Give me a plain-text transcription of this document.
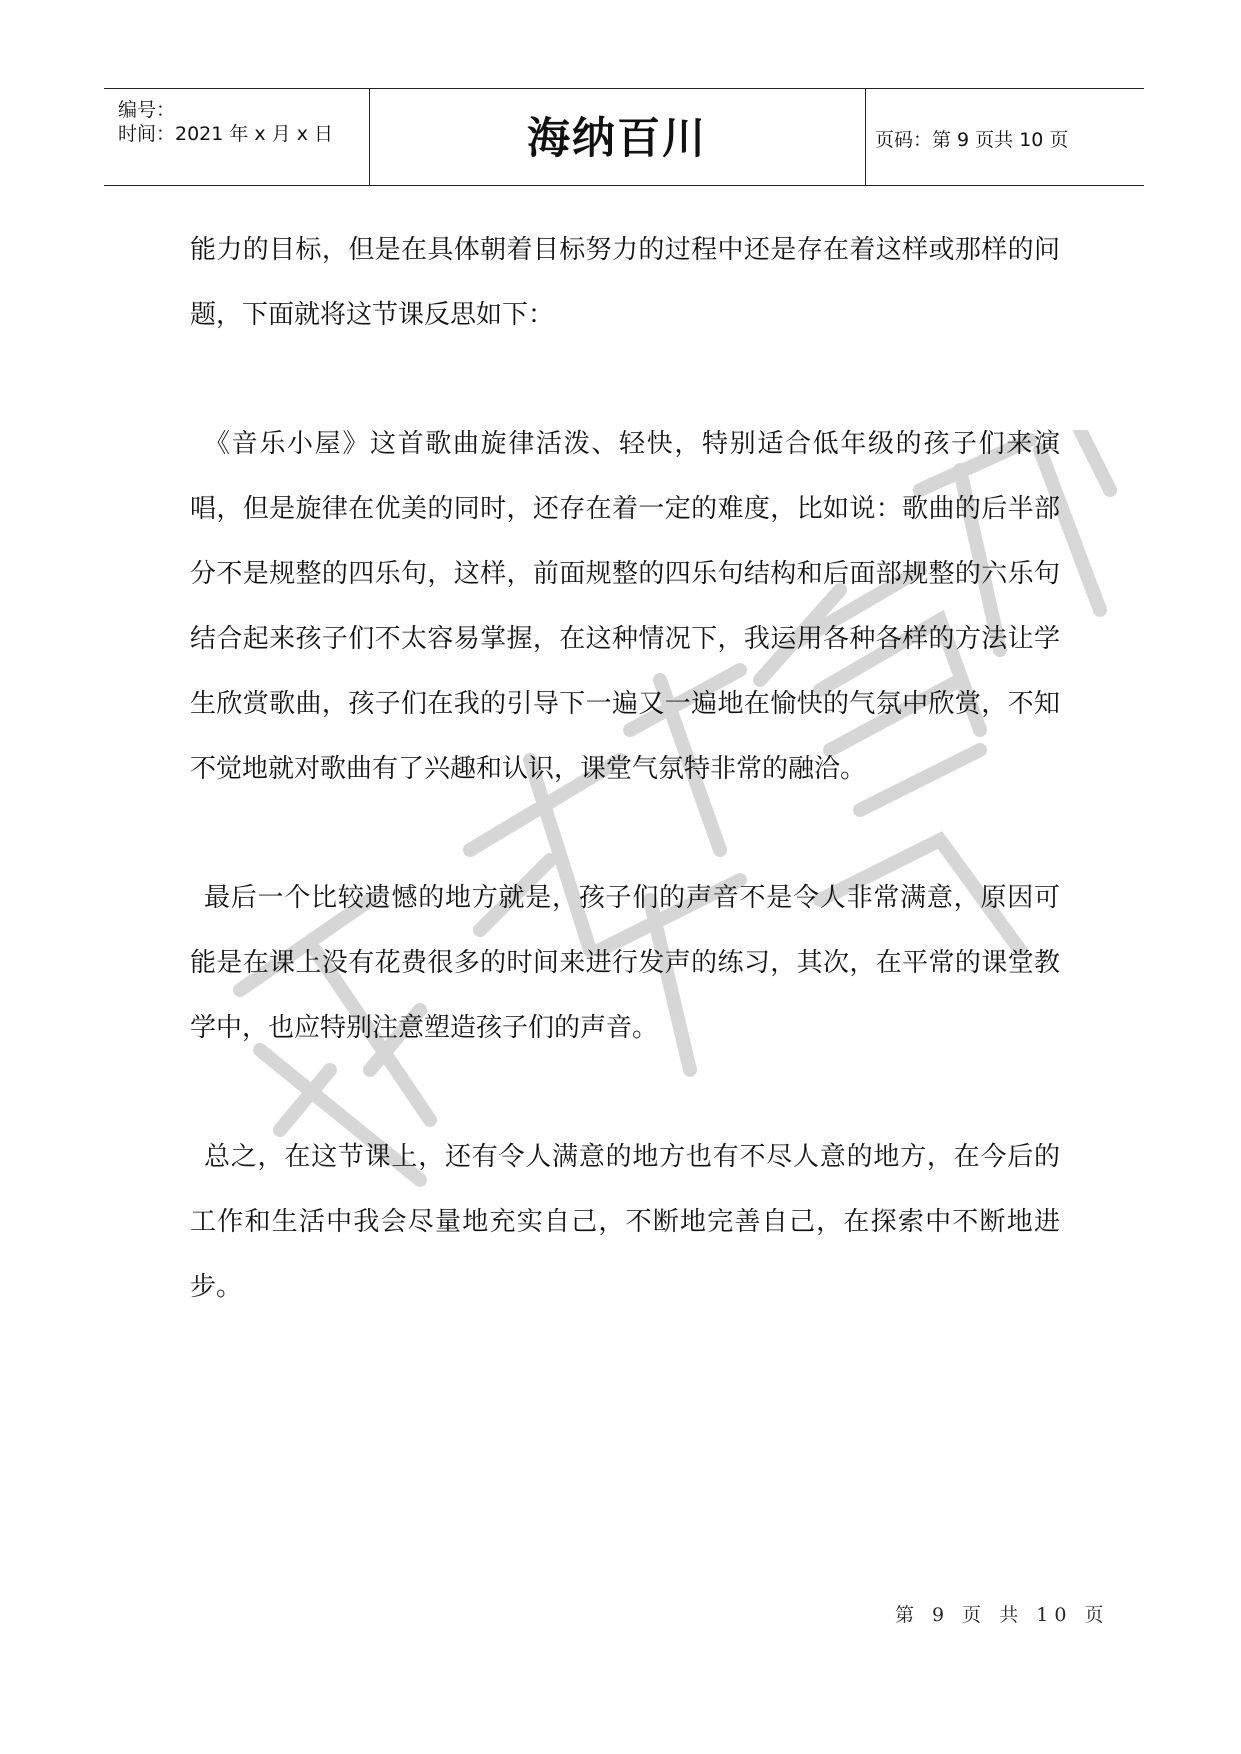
编号：
时间：2021 年 x 月 x 日	海纳百川	页码：第 9 页共 10 页

能力的目标，但是在具体朝着目标努力的过程中还是存在着这样或那样的问题，下面就将这节课反思如下：

《音乐小屋》这首歌曲旋律活泼、轻快，特别适合低年级的孩子们来演唱，但是旋律在优美的同时，还存在着一定的难度，比如说：歌曲的后半部分不是规整的四乐句，这样，前面规整的四乐句结构和后面部规整的六乐句结合起来孩子们不太容易掌握，在这种情况下，我运用各种各样的方法让学生欣赏歌曲，孩子们在我的引导下一遍又一遍地在愉快的气氛中欣赏，不知不觉地就对歌曲有了兴趣和认识，课堂气氛特非常的融洽。

最后一个比较遗憾的地方就是，孩子们的声音不是令人非常满意，原因可能是在课上没有花费很多的时间来进行发声的练习，其次，在平常的课堂教学中，也应特别注意塑造孩子们的声音。

总之，在这节课上，还有令人满意的地方也有不尽人意的地方，在今后的工作和生活中我会尽量地充实自己，不断地完善自己，在探索中不断地进步。

第 9 页 共 10 页
